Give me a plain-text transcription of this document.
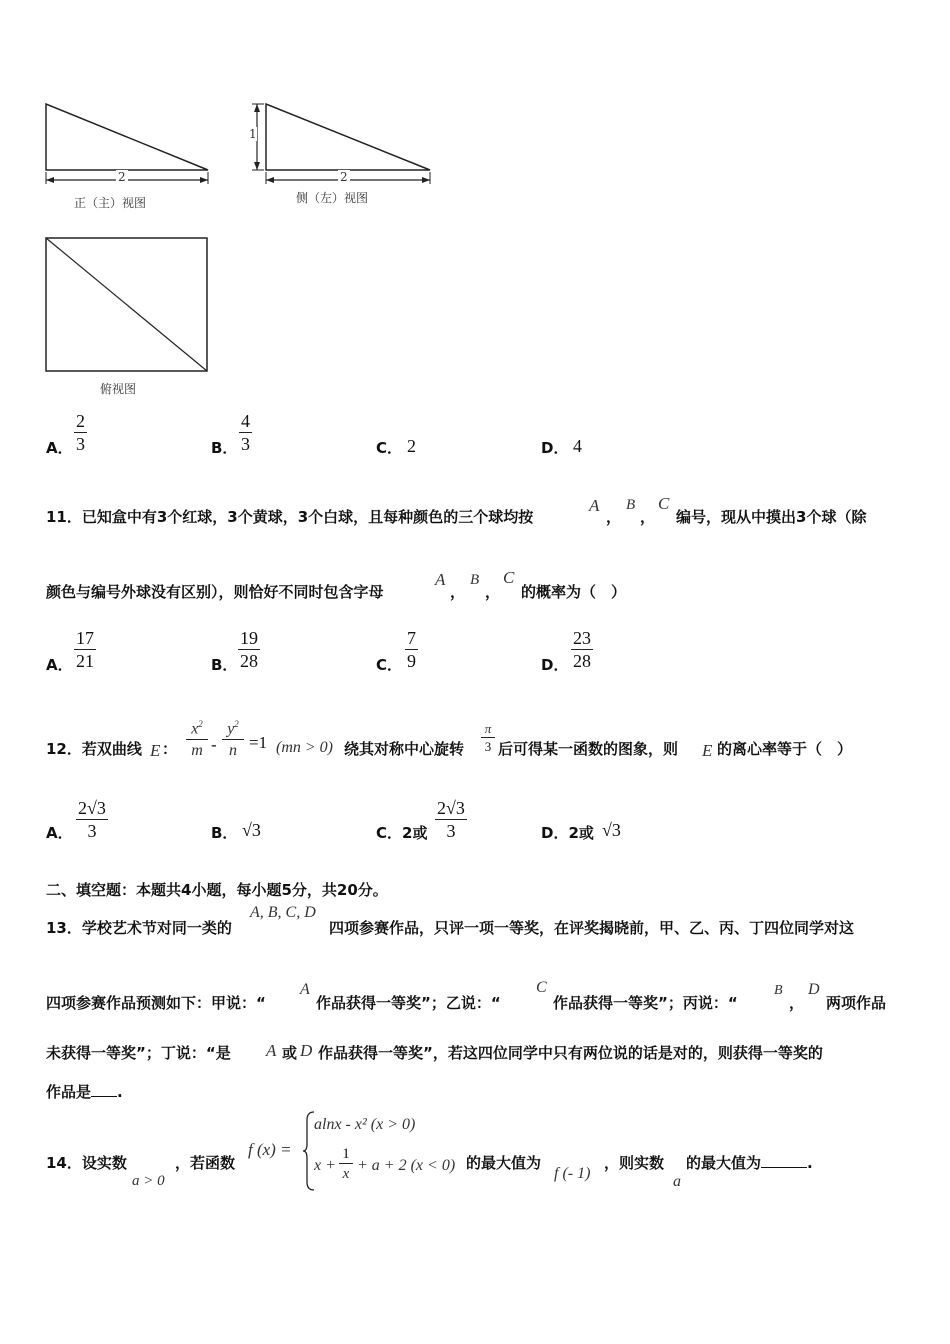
2
正（主）视图
1
2
侧（左）视图
俯视图
A． $\frac{2}{3}$	B． $\frac{4}{3}$	C． 2	D． 4
11．已知盒中有3个红球，3个黄球，3个白球，且每种颜色的三个球均按
A
，
B
，
C
编号，现从中摸出3个球（除
颜色与编号外球没有区别），则恰好不同时包含字母
A
，
B
，
C
的概率为（　）
A． $\frac{17}{21}$	B． $\frac{19}{28}$	C． $\frac{7}{9}$	D． $\frac{23}{28}$
12．若双曲线 E ：
$x^2$
m -
$y^2$
n =1 (mn > 0) 绕其对称中心旋转
π
3 后可得某一函数的图象，则 E 的离心率等于（　）
A． $\frac{2√3}{3}$	B． √3	C．2或 $\frac{2√3}{3}$	D．2或 √3
二、填空题：本题共4小题，每小题5分，共20分。
13．学校艺术节对同一类的
A, B, C, D
四项参赛作品，只评一项一等奖，在评奖揭晓前，甲、乙、丙、丁四位同学对这
四项参赛作品预测如下：甲说：“
A
作品获得一等奖”；乙说：“
C
作品获得一等奖”；丙说：“
B
，
D
两项作品
未获得一等奖”；丁说：“是 A 或 D 作品获得一等奖”，若这四位同学中只有两位说的话是对的，则获得一等奖的
作品是 .
14．设实数
a > 0
，若函数
f (x) =
alnx - x² (x > 0)
x +
1
x + a + 2 (x < 0) 的最大值为
f (- 1)
，则实数
a
的最大值为	.
